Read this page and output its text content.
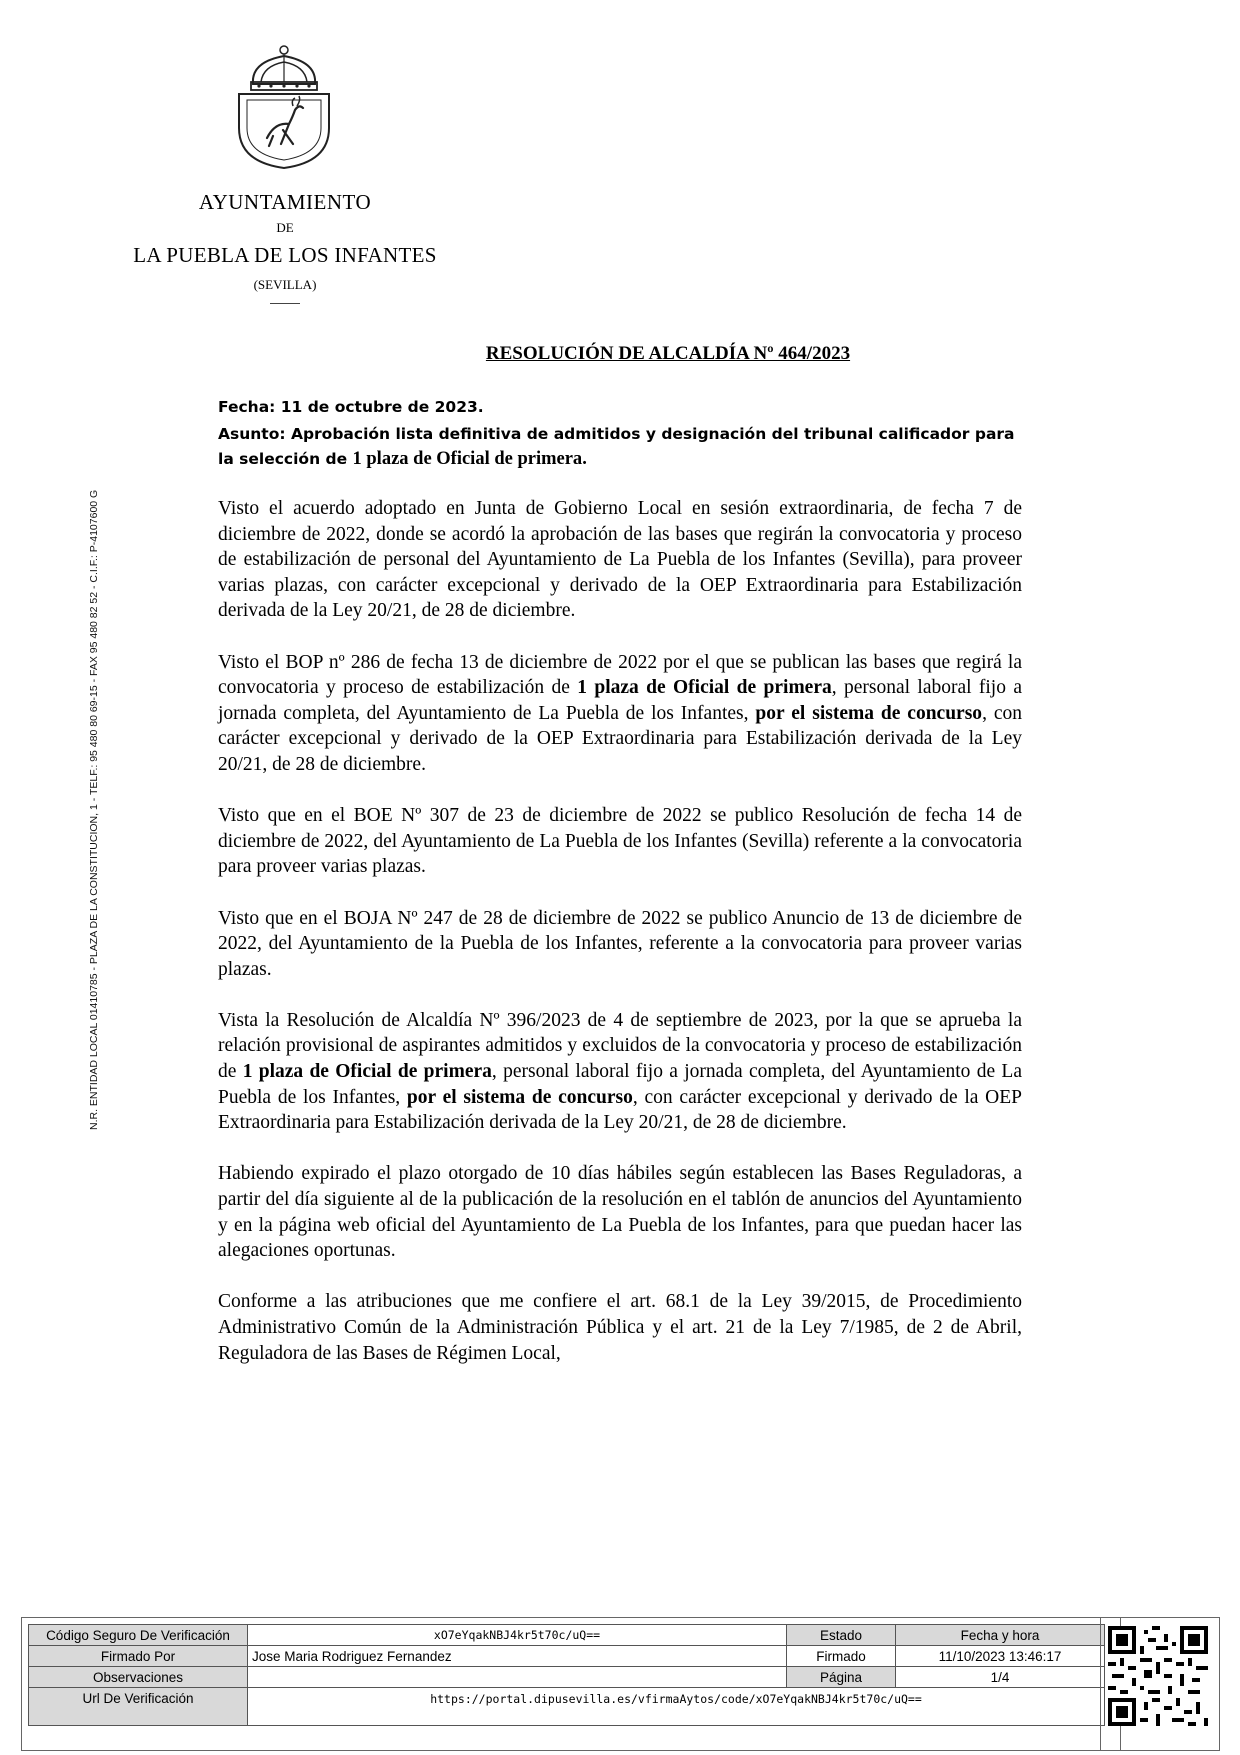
AYUNTAMIENTO
DE
LA PUEBLA DE LOS INFANTES
(SEVILLA)
N.R. ENTIDAD LOCAL 01410785 - PLAZA DE LA CONSTITUCION, 1 - TELF.: 95 480 80 69-15 - FAX 95 480 82 52 - C.I.F.: P-4107600 G
RESOLUCIÓN DE ALCALDÍA Nº 464/2023
Fecha: 11 de octubre de 2023.
Asunto: Aprobación lista definitiva de admitidos y designación del tribunal calificador para la selección de 1 plaza de Oficial de primera.

Visto el acuerdo adoptado en Junta de Gobierno Local en sesión extraordinaria, de fecha 7 de diciembre de 2022, donde se acordó la aprobación de las bases que regirán la convocatoria y proceso de estabilización de personal del Ayuntamiento de La Puebla de los Infantes (Sevilla), para proveer varias plazas, con carácter excepcional y derivado de la OEP Extraordinaria para Estabilización derivada de la Ley 20/21, de 28 de diciembre.

Visto el BOP nº 286 de fecha 13 de diciembre de 2022 por el que se publican las bases que regirá la convocatoria y proceso de estabilización de 1 plaza de Oficial de primera, personal laboral fijo a jornada completa, del Ayuntamiento de La Puebla de los Infantes, por el sistema de concurso, con carácter excepcional y derivado de la OEP Extraordinaria para Estabilización derivada de la Ley 20/21, de 28 de diciembre.

Visto que en el BOE Nº 307 de 23 de diciembre de 2022 se publico Resolución de fecha 14 de diciembre de 2022, del Ayuntamiento de La Puebla de los Infantes (Sevilla) referente a la convocatoria para proveer varias plazas.

Visto que en el BOJA Nº 247 de 28 de diciembre de 2022 se publico Anuncio de 13 de diciembre de 2022, del Ayuntamiento de la Puebla de los Infantes, referente a la convocatoria para proveer varias plazas.

Vista la Resolución de Alcaldía Nº 396/2023 de 4 de septiembre de 2023, por la que se aprueba la relación provisional de aspirantes admitidos y excluidos de la convocatoria y proceso de estabilización de 1 plaza de Oficial de primera, personal laboral fijo a jornada completa, del Ayuntamiento de La Puebla de los Infantes, por el sistema de concurso, con carácter excepcional y derivado de la OEP Extraordinaria para Estabilización derivada de la Ley 20/21, de 28 de diciembre.

Habiendo expirado el plazo otorgado de 10 días hábiles según establecen las Bases Reguladoras, a partir del día siguiente al de la publicación de la resolución en el tablón de anuncios del Ayuntamiento y en la página web oficial del Ayuntamiento de La Puebla de los Infantes, para que puedan hacer las alegaciones oportunas.

Conforme a las atribuciones que me confiere el art. 68.1 de la Ley 39/2015, de Procedimiento Administrativo Común de la Administración Pública y el art. 21 de la Ley 7/1985, de 2 de Abril, Reguladora de las Bases de Régimen Local,

Código Seguro De Verificación	xO7eYqakNBJ4kr5t70c/uQ==	Estado	Fecha y hora
Firmado Por	Jose Maria Rodriguez Fernandez	Firmado	11/10/2023 13:46:17
Observaciones		Página	1/4
Url De Verificación	https://portal.dipusevilla.es/vfirmaAytos/code/xO7eYqakNBJ4kr5t70c/uQ==		
